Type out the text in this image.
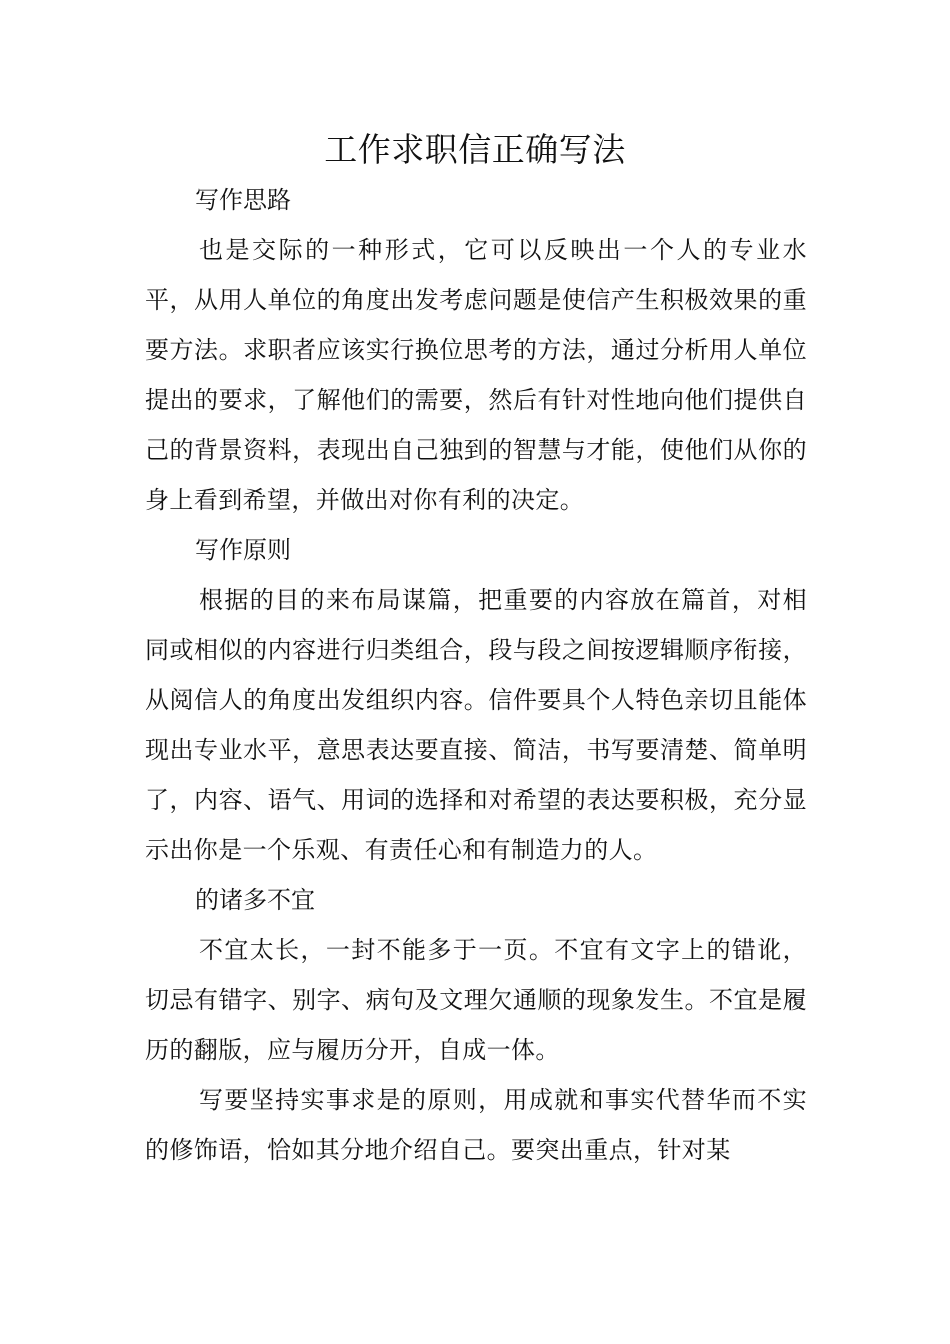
工作求职信正确写法
写作思路

也是交际的一种形式，它可以反映出一个人的专业水平，从用人单位的角度出发考虑问题是使信产生积极效果的重要方法。求职者应该实行换位思考的方法，通过分析用人单位提出的要求，了解他们的需要，然后有针对性地向他们提供自己的背景资料，表现出自己独到的智慧与才能，使他们从你的身上看到希望，并做出对你有利的决定。

写作原则

根据的目的来布局谋篇，把重要的内容放在篇首，对相同或相似的内容进行归类组合，段与段之间按逻辑顺序衔接，从阅信人的角度出发组织内容。信件要具个人特色亲切且能体现出专业水平，意思表达要直接、简洁，书写要清楚、简单明了，内容、语气、用词的选择和对希望的表达要积极，充分显示出你是一个乐观、有责任心和有制造力的人。

的诸多不宜

不宜太长，一封不能多于一页。不宜有文字上的错讹，切忌有错字、别字、病句及文理欠通顺的现象发生。不宜是履历的翻版，应与履历分开，自成一体。

写要坚持实事求是的原则，用成就和事实代替华而不实的修饰语，恰如其分地介绍自己。要突出重点，针对某
